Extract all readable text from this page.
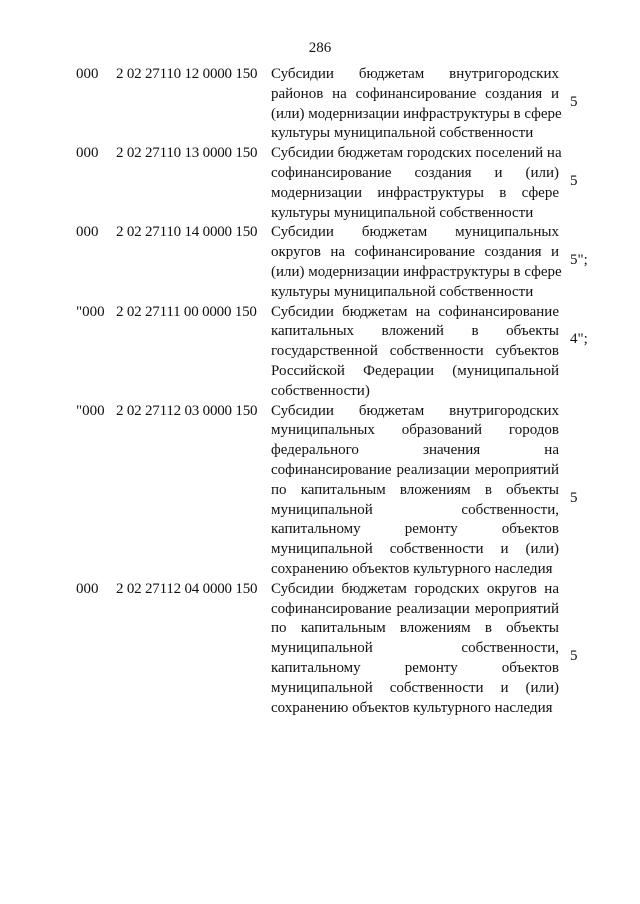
286
000 2 02 27110 12 0000 150 Субсидии бюджетам внутригородских
районов на софинансирование создания и
(или) модернизации инфраструктуры в сфере
культуры муниципальной собственности
5
000 2 02 27110 13 0000 150 Субсидии бюджетам городских поселений на
софинансирование создания и (или)
модернизации инфраструктуры в сфере
культуры муниципальной собственности
5
000 2 02 27110 14 0000 150 Субсидии бюджетам муниципальных
округов на софинансирование создания и
(или) модернизации инфраструктуры в сфере
культуры муниципальной собственности
5";
"000 2 02 27111 00 0000 150 Субсидии бюджетам на софинансирование
капитальных вложений в объекты
государственной собственности субъектов
Российской Федерации (муниципальной
собственности)
4";
"000 2 02 27112 03 0000 150 Субсидии бюджетам внутригородских
муниципальных образований городов
федерального значения на
софинансирование реализации мероприятий
по капитальным вложениям в объекты
муниципальной собственности,
капитальному ремонту объектов
муниципальной собственности и (или)
сохранению объектов культурного наследия
5
000 2 02 27112 04 0000 150 Субсидии бюджетам городских округов на
софинансирование реализации мероприятий
по капитальным вложениям в объекты
муниципальной собственности,
капитальному ремонту объектов
муниципальной собственности и (или)
сохранению объектов культурного наследия
5
